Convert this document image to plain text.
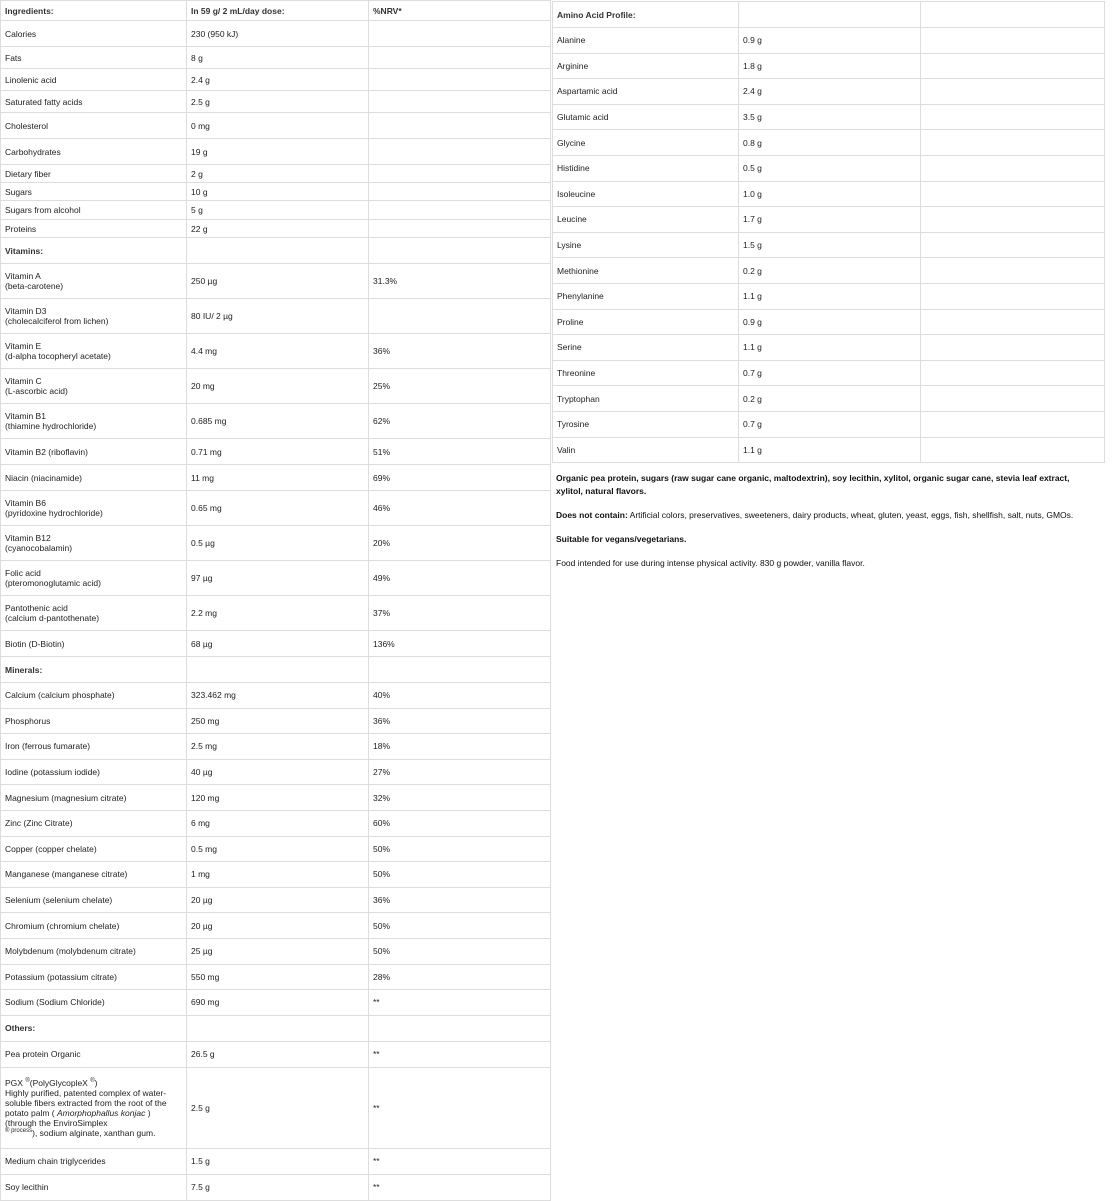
Ingredients:	In 59 g/ 2 mL/day dose:	%NRV*
Calories	230 (950 kJ)	
Fats	8 g	
Linolenic acid	2.4 g	
Saturated fatty acids	2.5 g	
Cholesterol	0 mg	
Carbohydrates	19 g	
Dietary fiber	2 g	
Sugars	10 g	
Sugars from alcohol	5 g	
Proteins	22 g	
Vitamins:		

Vitamin A
(beta-carotene)	250 µg	31.3%

Vitamin D3
(cholecalciferol from lichen)	80 IU/ 2 µg	

Vitamin E
(d-alpha tocopheryl acetate)	4.4 mg	36%

Vitamin C
(L-ascorbic acid)	20 mg	25%

Vitamin B1
(thiamine hydrochloride)	0.685 mg	62%

Vitamin B2 (riboflavin)	0.71 mg	51%

Niacin (niacinamide)	11 mg	69%

Vitamin B6
(pyridoxine hydrochloride)	0.65 mg	46%

Vitamin B12
(cyanocobalamin)	0.5 µg	20%

Folic acid
(pteromonoglutamic acid)	97 µg	49%

Pantothenic acid
(calcium d-pantothenate)	2.2 mg	37%

Biotin (D-Biotin)	68 µg	136%
Minerals:		
Calcium (calcium phosphate)	323.462 mg	40%
Phosphorus	250 mg	36%
Iron (ferrous fumarate)	2.5 mg	18%
Iodine (potassium iodide)	40 µg	27%
Magnesium (magnesium citrate)	120 mg	32%
Zinc (Zinc Citrate)	6 mg	60%
Copper (copper chelate)	0.5 mg	50%
Manganese (manganese citrate)	1 mg	50%
Selenium (selenium chelate)	20 µg	36%
Chromium (chromium chelate)	20 µg	50%
Molybdenum (molybdenum citrate)	25 µg	50%
Potassium (potassium citrate)	550 mg	28%
Sodium (Sodium Chloride)	690 mg	**
Others:		
Pea protein Organic	26.5 g	**
PGX ®(PolyGlycopleX ®)
Highly purified, patented complex of water-soluble fibers extracted from the root of the potato palm ( Amorphophallus konjac ) (through the EnviroSimplex
$^{® process}$), sodium alginate, xanthan gum.	2.5 g	**
Medium chain triglycerides	1.5 g	**
Soy lecithin	7.5 g	**
Amino Acid Profile:		
Alanine	0.9 g	
Arginine	1.8 g	
Aspartamic acid	2.4 g	
Glutamic acid	3.5 g	
Glycine	0.8 g	
Histidine	0.5 g	
Isoleucine	1.0 g	
Leucine	1.7 g	
Lysine	1.5 g	
Methionine	0.2 g	
Phenylanine	1.1 g	
Proline	0.9 g	
Serine	1.1 g	
Threonine	0.7 g	
Tryptophan	0.2 g	
Tyrosine	0.7 g	
Valin	1.1 g	

Organic pea protein, sugars (raw sugar cane organic, maltodextrin), soy lecithin, xylitol, organic sugar cane, stevia leaf extract, xylitol, natural flavors.

Does not contain: Artificial colors, preservatives, sweeteners, dairy products, wheat, gluten, yeast, eggs, fish, shellfish, salt, nuts, GMOs.

Suitable for vegans/vegetarians.

Food intended for use during intense physical activity. 830 g powder, vanilla flavor.
